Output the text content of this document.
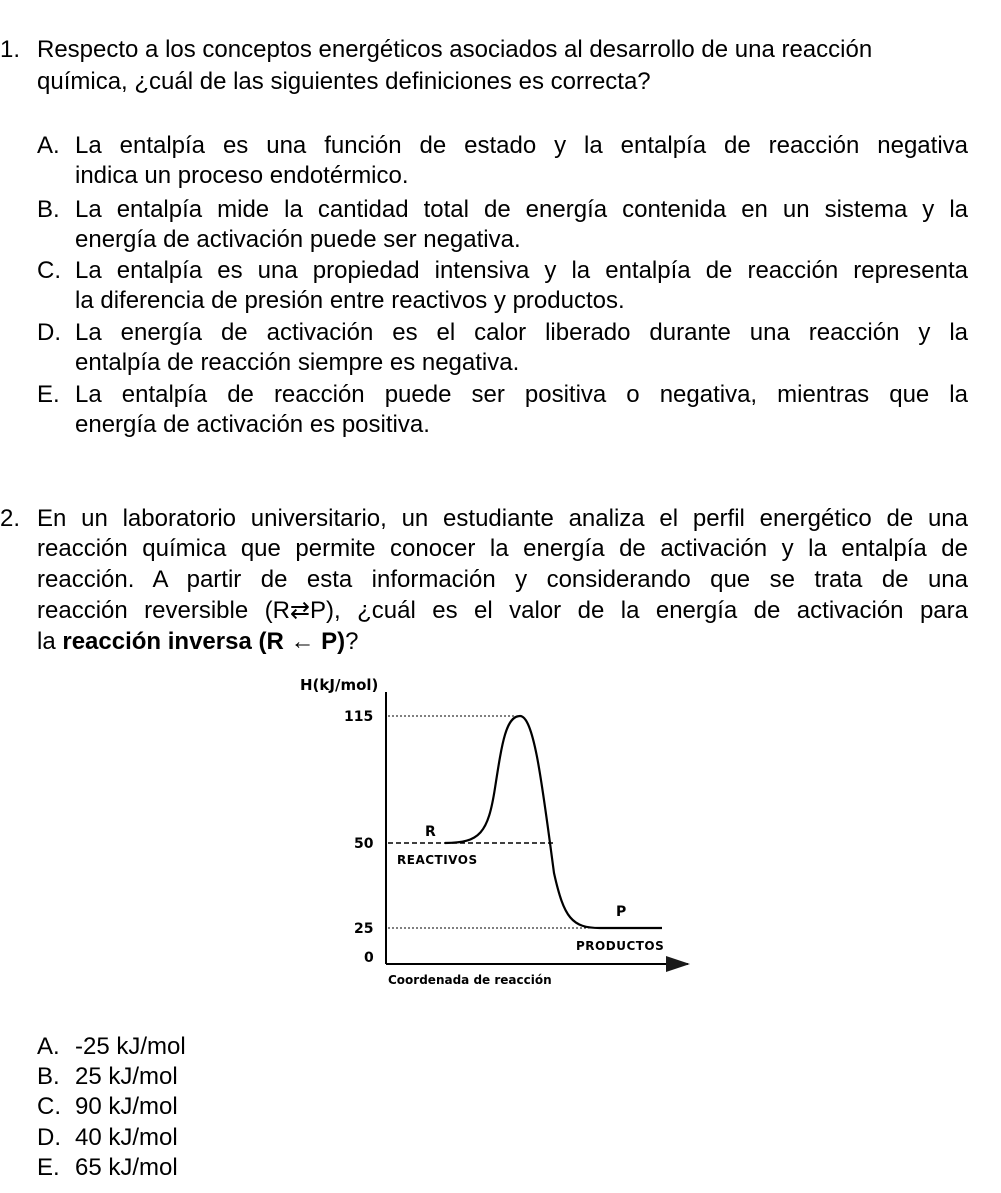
1. Respecto a los conceptos energéticos asociados al desarrollo de una reacción
química, ¿cuál de las siguientes definiciones es correcta?
A. La entalpía es una función de estado y la entalpía de reacción negativa
indica un proceso endotérmico.
B. La entalpía mide la cantidad total de energía contenida en un sistema y la
energía de activación puede ser negativa.
C. La entalpía es una propiedad intensiva y la entalpía de reacción representa
la diferencia de presión entre reactivos y productos.
D. La energía de activación es el calor liberado durante una reacción y la
entalpía de reacción siempre es negativa.
E. La entalpía de reacción puede ser positiva o negativa, mientras que la
energía de activación es positiva.
2. En un laboratorio universitario, un estudiante analiza el perfil energético de una
reacción química que permite conocer la energía de activación y la entalpía de
reacción. A partir de esta información y considerando que se trata de una
reacción reversible (R⇄P), ¿cuál es el valor de la energía de activación para
la reacción inversa (R ← P)?
H(kJ/mol)
115
50
25
0
R
REACTIVOS
P
PRODUCTOS
Coordenada de reacción
A. -25 kJ/mol
B. 25 kJ/mol
C. 90 kJ/mol
D. 40 kJ/mol
E. 65 kJ/mol
